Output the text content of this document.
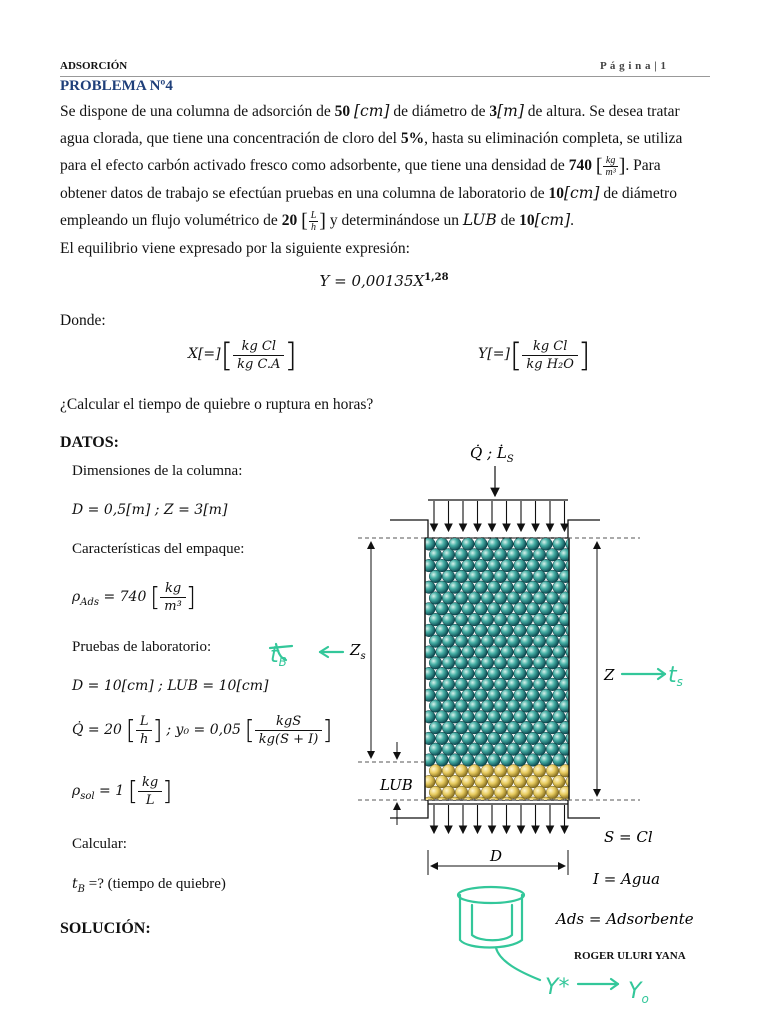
ADSORCIÓN	P á g i n a | 1
PROBLEMA Nº4
Se dispone de una columna de adsorción de 50 [cm] de diámetro de 3[m] de altura. Se desea tratar
agua clorada, que tiene una concentración de cloro del 5%, hasta su eliminación completa, se utiliza
para el efecto carbón activado fresco como adsorbente, que tiene una densidad de 740 [ $\frac{kg}{\text{m³}}$ ]. Para
obtener datos de trabajo se efectúan pruebas en una columna de laboratorio de 10[cm] de diámetro
empleando un flujo volumétrico de 20 [ $\frac{L}{h}$ ] y determinándose un LUB de 10[cm].
El equilibrio viene expresado por la siguiente expresión:
$Y = 0,00135X^{1,28}$
Donde:
$X[=][ \frac{\text{kg Cl}}{\text{kg C.A}}$ ]	$Y[=][ \frac{\text{kg Cl}}{\text{kg H₂O}}$ ]
¿Calcular el tiempo de quiebre o ruptura en horas?
DATOS:
Dimensiones de la columna:
D = 0,5[m] ; Z = 3[m]
Características del empaque:
$\rho_{Ads} = 740$ [ $\frac{kg}{\text{m³}}$ ]
Pruebas de laboratorio:
D = 10[cm] ; LUB = 10[cm]
Q̇ = 20 [ $\frac{L}{h}$ ] ; y₀ = 0,05 [	kgS
kg(S + I) ]
$\rho_{sol} = 1$ [ $\frac{kg}{L}$ ]
Calcular:
$t_B$ =? (tiempo de quiebre)
SOLUCIÓN:
ROGER ULURI YANA
Q̇ ; $L̇_S$
$Z_s$
LUB
Z
D
S = Cl
I = Agua
Ads = Adsorbente
tB
ts
Y*	$Y_o$
